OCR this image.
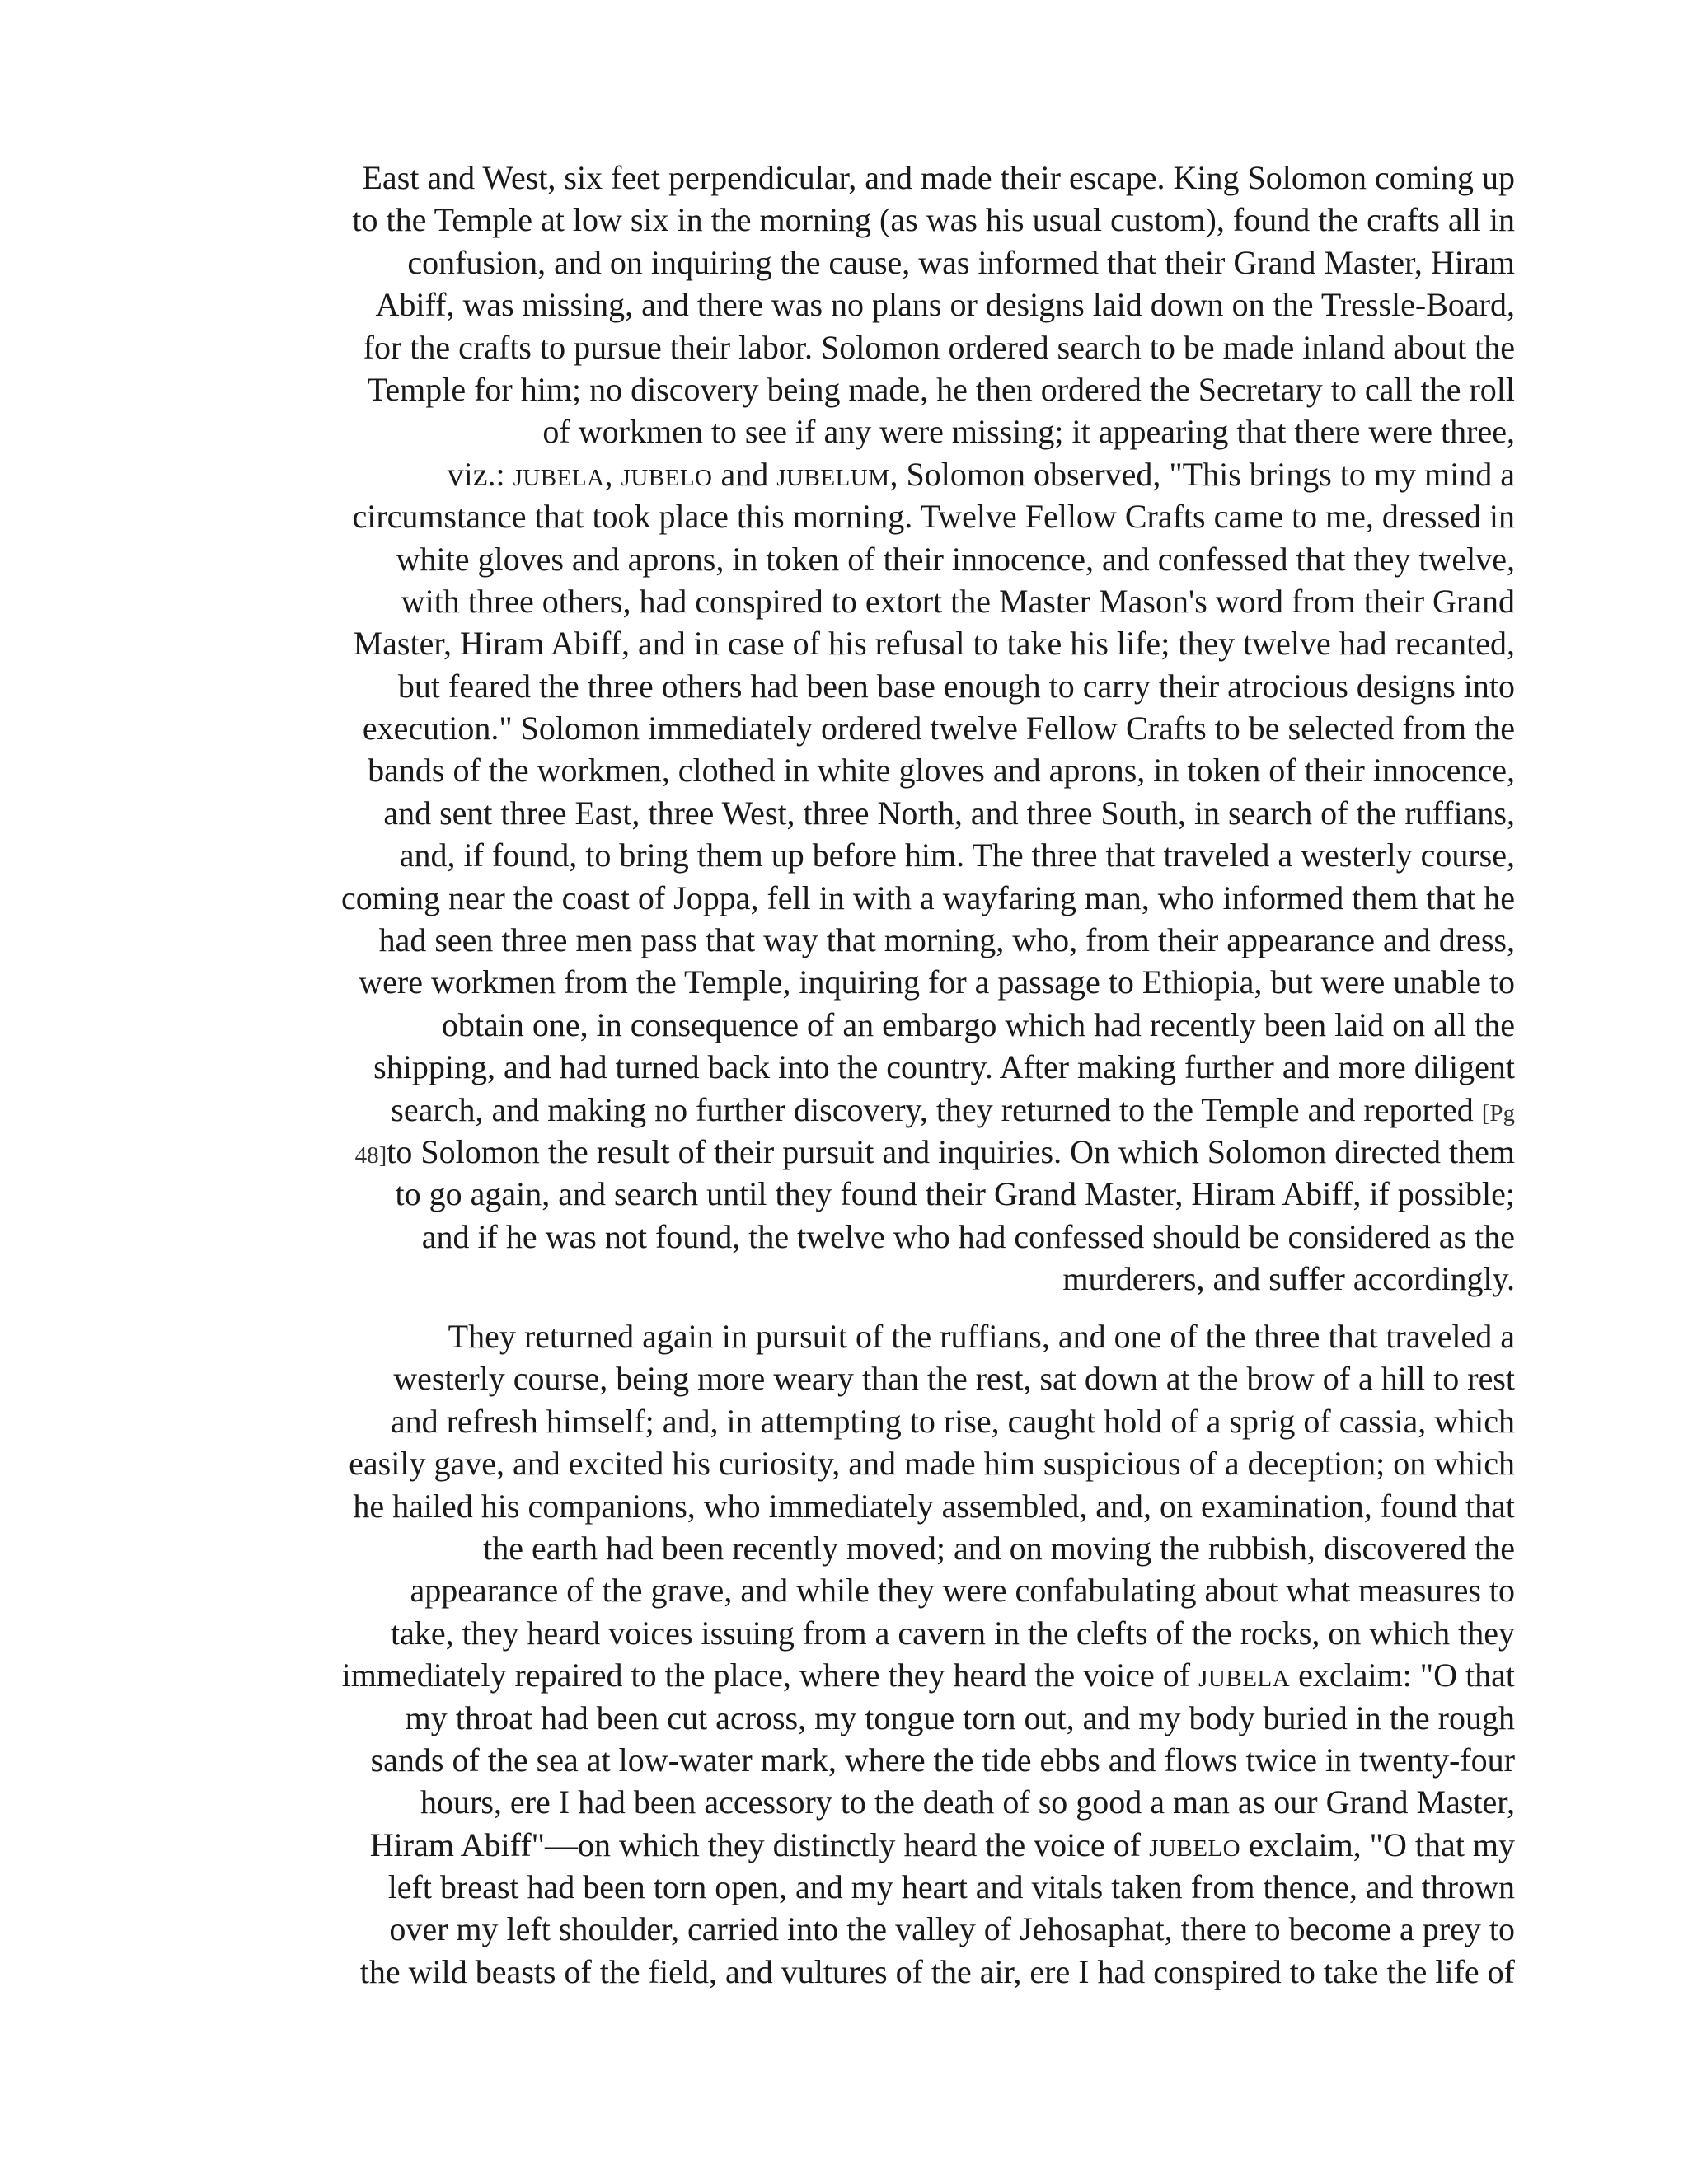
East and West, six feet perpendicular, and made their escape. King Solomon coming up
to the Temple at low six in the morning (as was his usual custom), found the crafts all in
confusion, and on inquiring the cause, was informed that their Grand Master, Hiram
Abiff, was missing, and there was no plans or designs laid down on the Tressle-Board,
for the crafts to pursue their labor. Solomon ordered search to be made inland about the
Temple for him; no discovery being made, he then ordered the Secretary to call the roll
of workmen to see if any were missing; it appearing that there were three,
viz.: JUBELA, JUBELO and JUBELUM, Solomon observed, "This brings to my mind a
circumstance that took place this morning. Twelve Fellow Crafts came to me, dressed in
white gloves and aprons, in token of their innocence, and confessed that they twelve,
with three others, had conspired to extort the Master Mason's word from their Grand
Master, Hiram Abiff, and in case of his refusal to take his life; they twelve had recanted,
but feared the three others had been base enough to carry their atrocious designs into
execution." Solomon immediately ordered twelve Fellow Crafts to be selected from the
bands of the workmen, clothed in white gloves and aprons, in token of their innocence,
and sent three East, three West, three North, and three South, in search of the ruffians,
and, if found, to bring them up before him. The three that traveled a westerly course,
coming near the coast of Joppa, fell in with a wayfaring man, who informed them that he
had seen three men pass that way that morning, who, from their appearance and dress,
were workmen from the Temple, inquiring for a passage to Ethiopia, but were unable to
obtain one, in consequence of an embargo which had recently been laid on all the
shipping, and had turned back into the country. After making further and more diligent
search, and making no further discovery, they returned to the Temple and reported [Pg
48]to Solomon the result of their pursuit and inquiries. On which Solomon directed them
to go again, and search until they found their Grand Master, Hiram Abiff, if possible;
and if he was not found, the twelve who had confessed should be considered as the
murderers, and suffer accordingly.
They returned again in pursuit of the ruffians, and one of the three that traveled a
westerly course, being more weary than the rest, sat down at the brow of a hill to rest
and refresh himself; and, in attempting to rise, caught hold of a sprig of cassia, which
easily gave, and excited his curiosity, and made him suspicious of a deception; on which
he hailed his companions, who immediately assembled, and, on examination, found that
the earth had been recently moved; and on moving the rubbish, discovered the
appearance of the grave, and while they were confabulating about what measures to
take, they heard voices issuing from a cavern in the clefts of the rocks, on which they
immediately repaired to the place, where they heard the voice of JUBELA exclaim: "O that
my throat had been cut across, my tongue torn out, and my body buried in the rough
sands of the sea at low-water mark, where the tide ebbs and flows twice in twenty-four
hours, ere I had been accessory to the death of so good a man as our Grand Master,
Hiram Abiff"—on which they distinctly heard the voice of JUBELO exclaim, "O that my
left breast had been torn open, and my heart and vitals taken from thence, and thrown
over my left shoulder, carried into the valley of Jehosaphat, there to become a prey to
the wild beasts of the field, and vultures of the air, ere I had conspired to take the life of
